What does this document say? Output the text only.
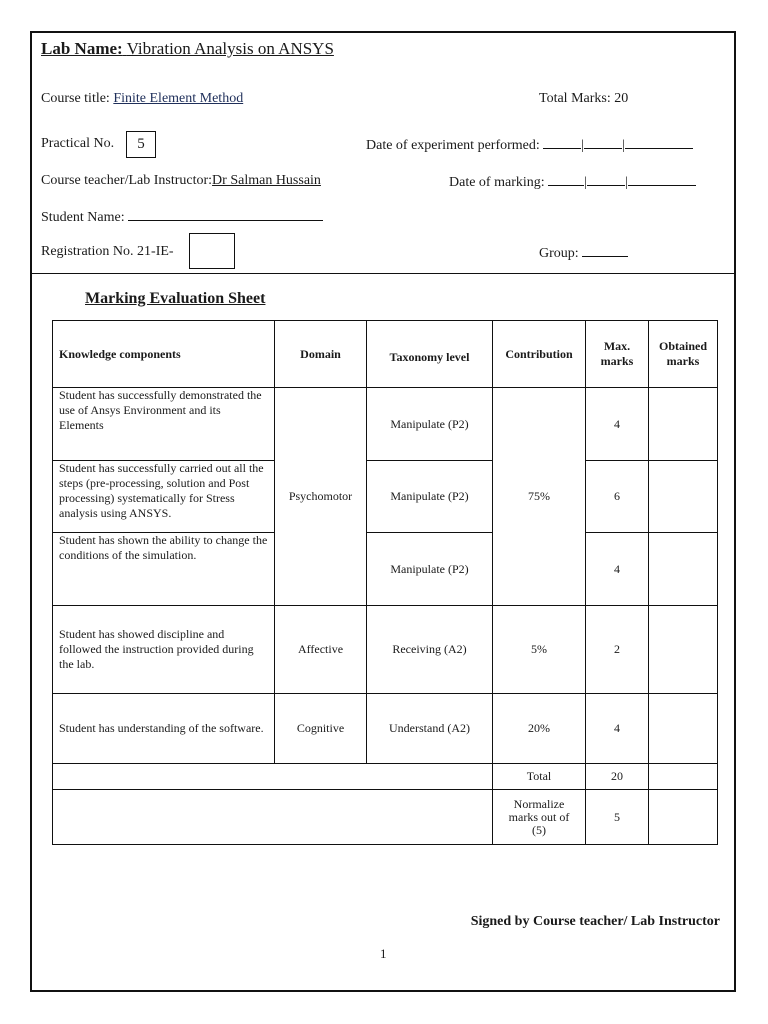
Lab Name: Vibration Analysis on ANSYS
Course title: Finite Element Method	Total Marks: 20
Practical No.	5	Date of experiment performed:	|	|
Course teacher/Lab Instructor:Dr Salman Hussain	Date of marking:	|	|
Student Name:
Registration No. 21-IE-	Group:
Marking Evaluation Sheet
Knowledge components	Domain	Taxonomy level	Contribution	Max. marks	Obtained marks
Student has successfully demonstrated the use of Ansys Environment and its Elements	Psychomotor	Manipulate (P2)	75%	4	
Student has successfully carried out all the steps (pre-processing, solution and Post processing) systematically for Stress analysis using ANSYS.		Manipulate (P2)		6	
Student has shown the ability to change the conditions of the simulation.		Manipulate (P2)		4	
Student has showed discipline and followed the instruction provided during the lab.	Affective	Receiving (A2)	5%	2	
Student has understanding of the software.	Cognitive	Understand (A2)	20%	4	
			Total	20	
			Normalize marks out of (5)	5	
Signed by Course teacher/ Lab Instructor
1
